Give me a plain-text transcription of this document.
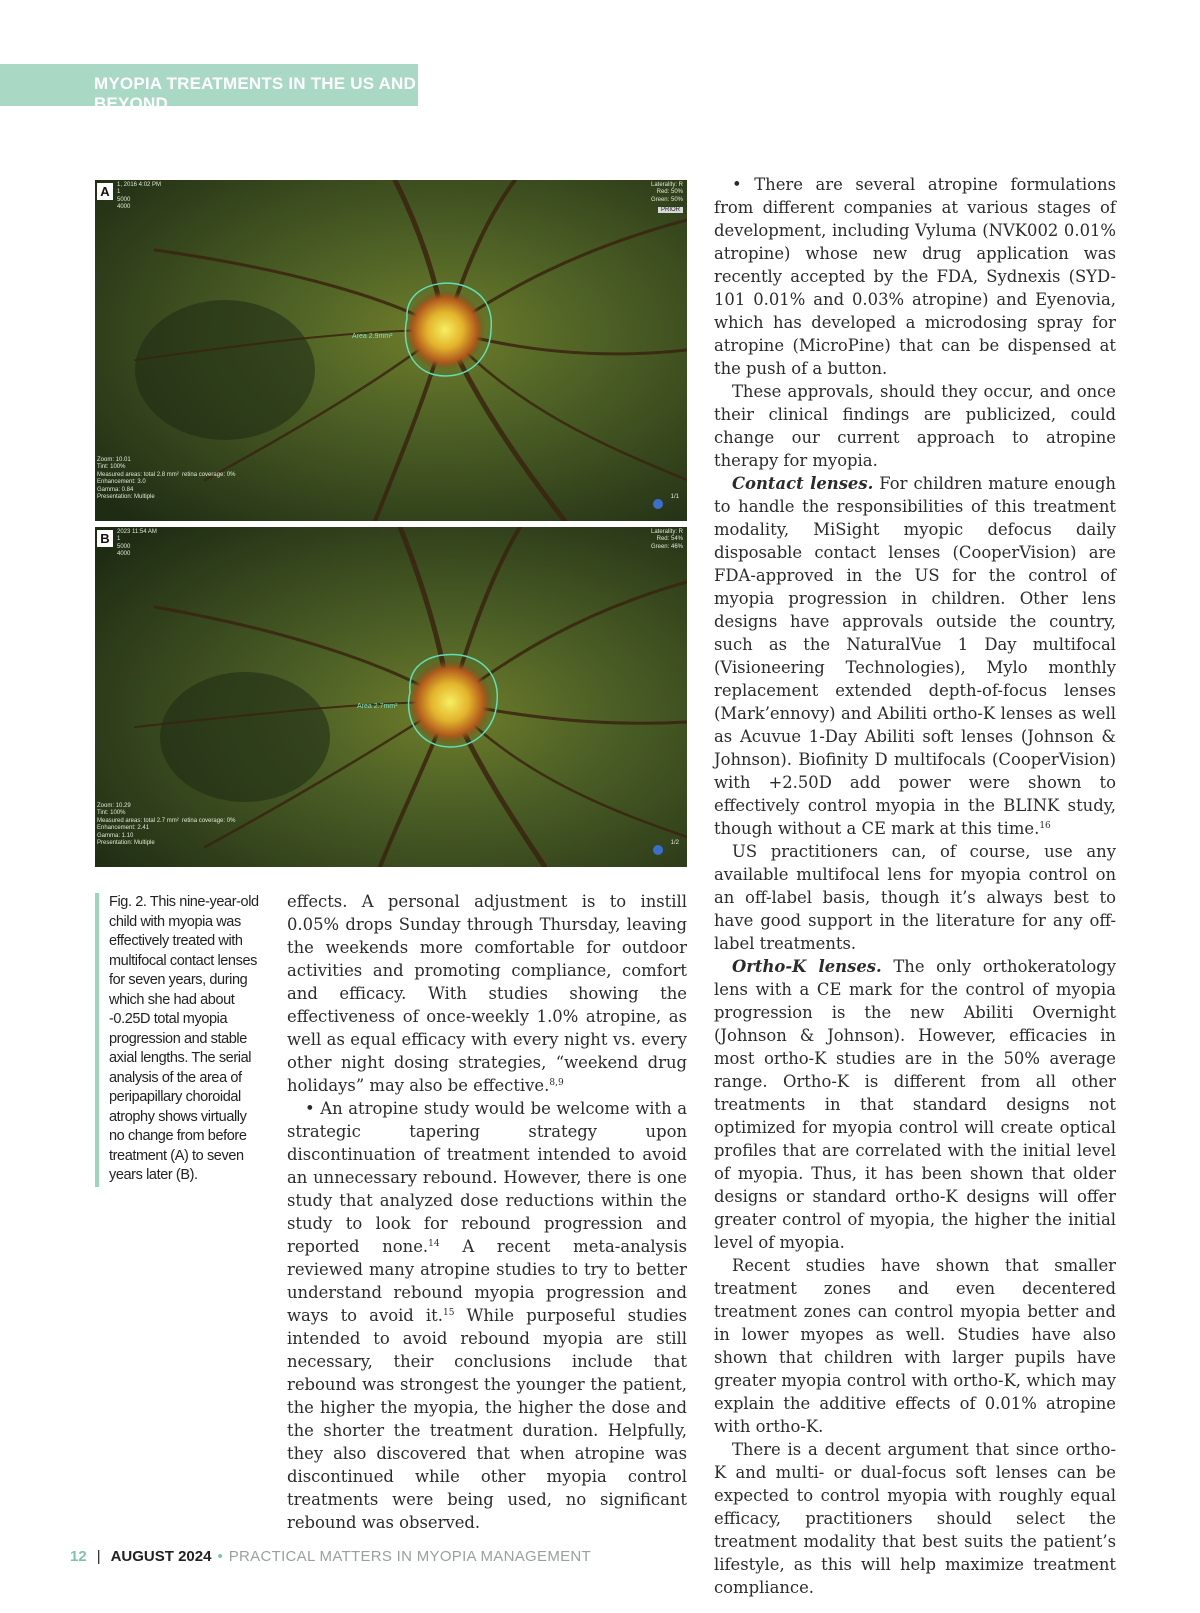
MYOPIA TREATMENTS IN THE US AND BEYOND
A	1, 2016 4:02 PM
1
5000
4000
Laterality: R
Red: 50%
Green: 50%
PRIOR
Area 2.9mm²
Zoom: 10.01
Tint: 100%
Measured areas: total 2.8 mm²  retina coverage: 0%
Enhancement: 3.0
Gamma: 0.84
Presentation: Multiple	1/1
B	2023 11:54 AM
1
5000
4000
Laterality: R
Red: 54%
Green: 46%
Area 2.7mm²
Zoom: 10.29
Tint: 100%
Measured areas: total 2.7 mm²  retina coverage: 0%
Enhancement: 2.41
Gamma: 1.10
Presentation: Multiple	1/2

Fig. 2. This nine-year-old child with myopia was effectively treated with multifocal contact lenses for seven years, during which she had about -0.25D total myopia progression and stable axial lengths. The serial analysis of the area of peripapillary choroidal atrophy shows virtually no change from before treatment (A) to seven years later (B).

effects. A personal adjustment is to instill 0.05% drops Sunday through Thursday, leaving the weekends more comfortable for outdoor activities and promoting compliance, comfort and efficacy. With studies showing the effectiveness of once-weekly 1.0% atropine, as well as equal efficacy with every night vs. every other night dosing strategies, “weekend drug holidays” may also be effective.$^{8,9}$

• An atropine study would be welcome with a strategic tapering strategy upon discontinuation of treatment intended to avoid an unnecessary rebound. However, there is one study that analyzed dose reductions within the study to look for rebound progression and reported none.$^{14}$ A recent meta-analysis reviewed many atropine studies to try to better understand rebound myopia progression and ways to avoid it.$^{15}$ While purposeful studies intended to avoid rebound myopia are still necessary, their conclusions include that rebound was strongest the younger the patient, the higher the myopia, the higher the dose and the shorter the treatment duration. Helpfully, they also discovered that when atropine was discontinued while other myopia control treatments were being used, no significant rebound was observed.

• There are several atropine formulations from different companies at various stages of development, including Vyluma (NVK002 0.01% atropine) whose new drug application was recently accepted by the FDA, Sydnexis (SYD-101 0.01% and 0.03% atropine) and Eyenovia, which has developed a microdosing spray for atropine (MicroPine) that can be dispensed at the push of a button.

These approvals, should they occur, and once their clinical findings are publicized, could change our current approach to atropine therapy for myopia.

Contact lenses. For children mature enough to handle the responsibilities of this treatment modality, MiSight myopic defocus daily disposable contact lenses (CooperVision) are FDA-approved in the US for the control of myopia progression in children. Other lens designs have approvals outside the country, such as the NaturalVue 1 Day multifocal (Visioneering Technologies), Mylo monthly replacement extended depth-of-focus lenses (Mark’ennovy) and Abiliti ortho-K lenses as well as Acuvue 1-Day Abiliti soft lenses (Johnson & Johnson). Biofinity D multifocals (CooperVision) with +2.50D add power were shown to effectively control myopia in the BLINK study, though without a CE mark at this time.$^{16}$

US practitioners can, of course, use any available multifocal lens for myopia control on an off-label basis, though it’s always best to have good support in the literature for any off-label treatments.

Ortho-K lenses. The only orthokeratology lens with a CE mark for the control of myopia progression is the new Abiliti Overnight (Johnson & Johnson). However, efficacies in most ortho-K studies are in the 50% average range. Ortho-K is different from all other treatments in that standard designs not optimized for myopia control will create optical profiles that are correlated with the initial level of myopia. Thus, it has been shown that older designs or standard ortho-K designs will offer greater control of myopia, the higher the initial level of myopia.

Recent studies have shown that smaller treatment zones and even decentered treatment zones can control myopia better and in lower myopes as well. Studies have also shown that children with larger pupils have greater myopia control with ortho-K, which may explain the additive effects of 0.01% atropine with ortho-K.

There is a decent argument that since ortho-K and multi- or dual-focus soft lenses can be expected to control myopia with roughly equal efficacy, practitioners should select the treatment modality that best suits the patient’s lifestyle, as this will help maximize treatment compliance.

12 | AUGUST 2024 • PRACTICAL MATTERS IN MYOPIA MANAGEMENT
